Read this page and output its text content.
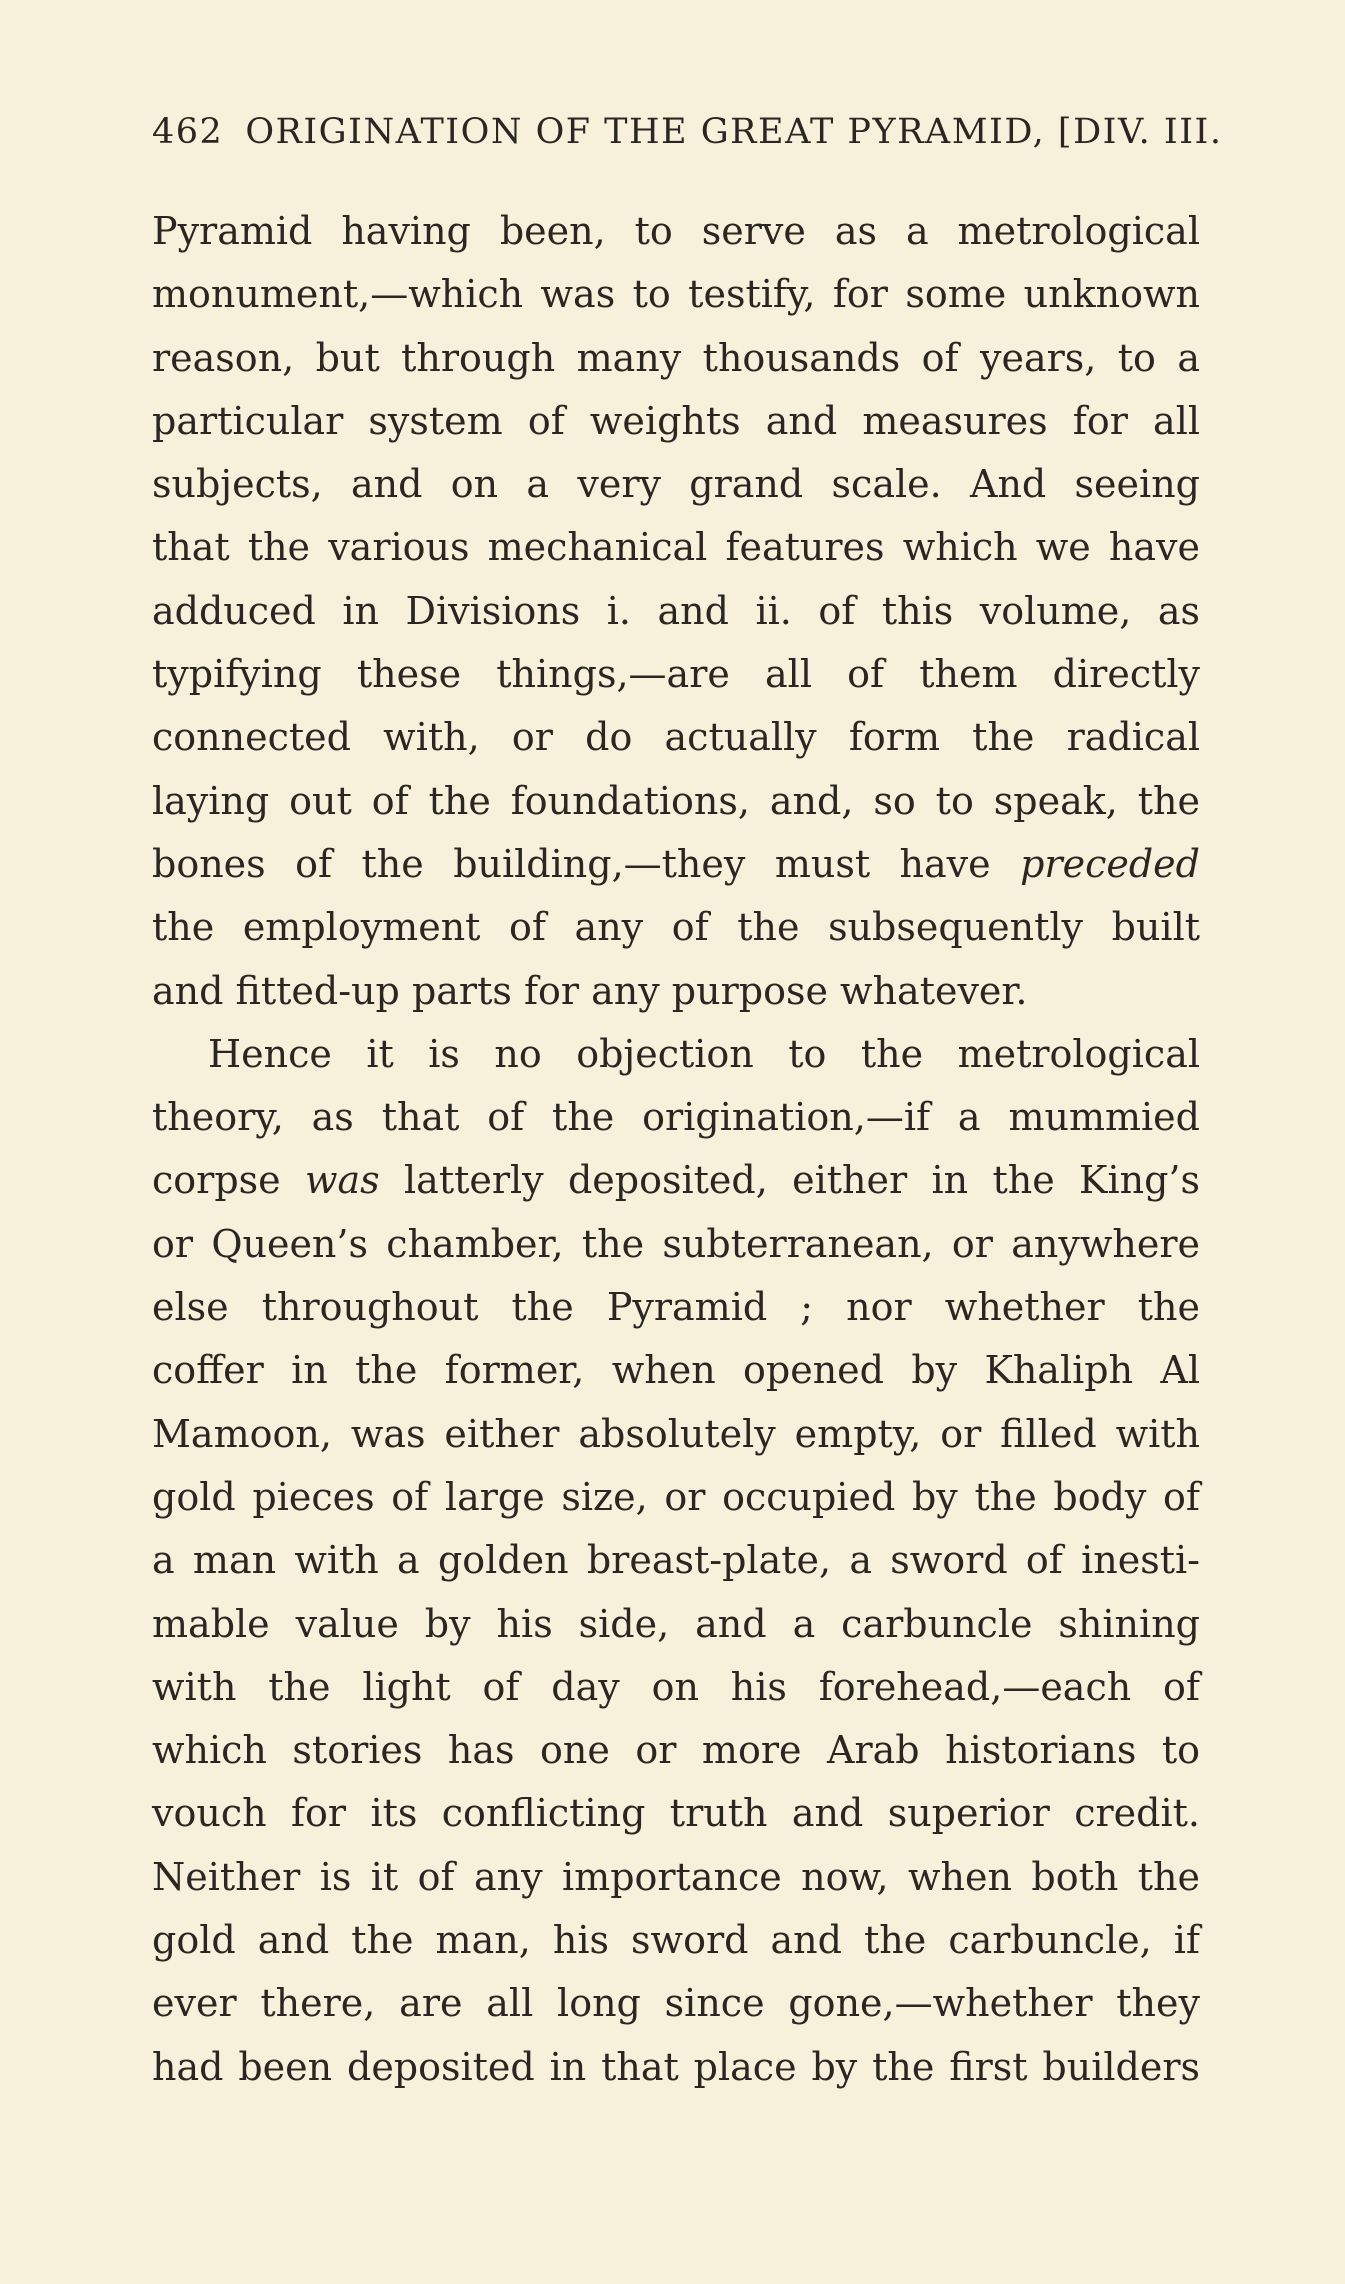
462 ORIGINATION OF THE GREAT PYRAMID, [DIV. III.
Pyramid having been, to serve as a metrological
monument,—which was to testify, for some unknown
reason, but through many thousands of years, to a
particular system of weights and measures for all
subjects, and on a very grand scale. And seeing
that the various mechanical features which we have
adduced in Divisions i. and ii. of this volume, as
typifying these things,—are all of them directly
connected with, or do actually form the radical
laying out of the foundations, and, so to speak, the
bones of the building,—they must have preceded
the employment of any of the subsequently built
and fitted-up parts for any purpose whatever.
Hence it is no objection to the metrological
theory, as that of the origination,—if a mummied
corpse was latterly deposited, either in the King’s
or Queen’s chamber, the subterranean, or anywhere
else throughout the Pyramid ; nor whether the
coffer in the former, when opened by Khaliph Al
Mamoon, was either absolutely empty, or filled with
gold pieces of large size, or occupied by the body of
a man with a golden breast-plate, a sword of inesti-
mable value by his side, and a carbuncle shining
with the light of day on his forehead,—each of
which stories has one or more Arab historians to
vouch for its conflicting truth and superior credit.
Neither is it of any importance now, when both the
gold and the man, his sword and the carbuncle, if
ever there, are all long since gone,—whether they
had been deposited in that place by the first builders
